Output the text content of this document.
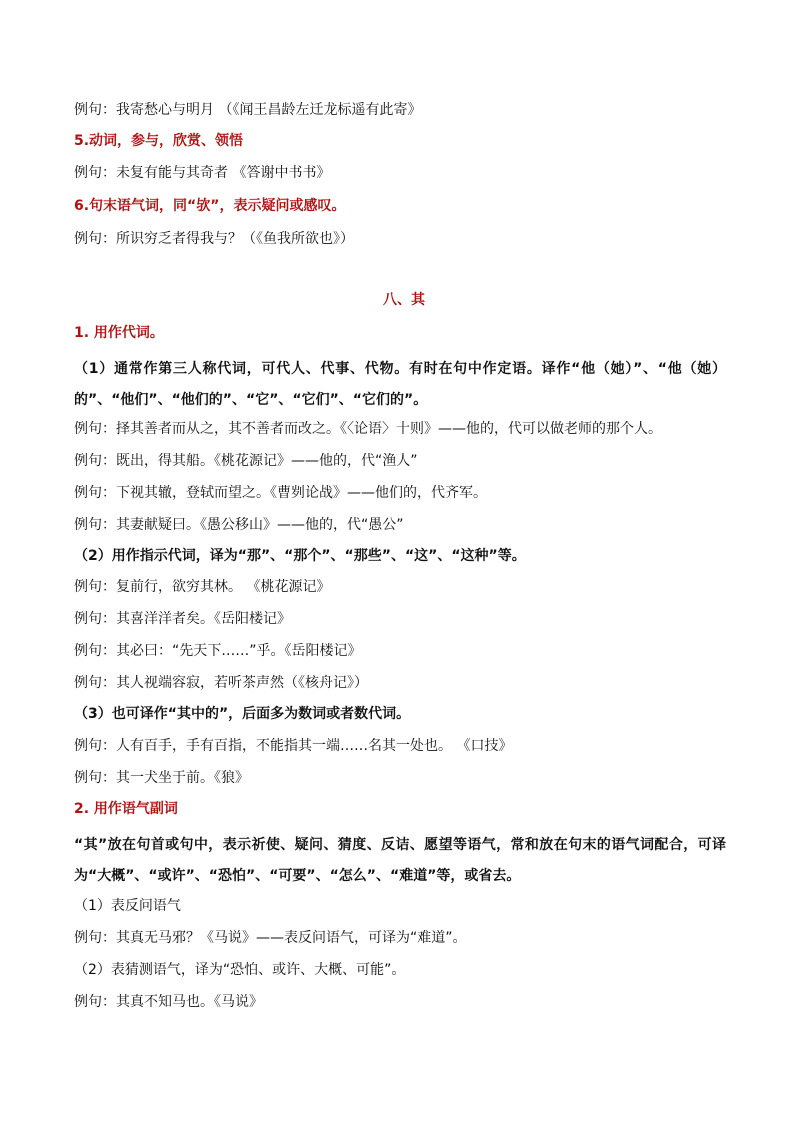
例句：我寄愁心与明月 （《闻王昌龄左迁龙标遥有此寄》

5.动词，参与，欣赏、领悟

例句：未复有能与其奇者 《答谢中书书》

6.句末语气词，同“欤”，表示疑问或感叹。

例句：所识穷乏者得我与？（《鱼我所欲也》）

八、其

1. 用作代词。

（1）通常作第三人称代词，可代人、代事、代物。有时在句中作定语。译作“他（她）”、“他（她）的”、“他们”、“他们的”、“它”、“它们”、“它们的”。

例句：择其善者而从之，其不善者而改之。《〈论语〉十则》——他的，代可以做老师的那个人。

例句：既出，得其船。《桃花源记》——他的，代“渔人”

例句：下视其辙，登轼而望之。《曹刿论战》——他们的，代齐军。

例句：其妻献疑曰。《愚公移山》——他的，代“愚公”

（2）用作指示代词，译为“那”、“那个”、“那些”、“这”、“这种”等。

例句：复前行，欲穷其林。 《桃花源记》

例句：其喜洋洋者矣。《岳阳楼记》

例句：其必曰：“先天下……”乎。《岳阳楼记》

例句：其人视端容寂，若听茶声然（《核舟记》）

（3）也可译作“其中的”，后面多为数词或者数代词。

例句：人有百手，手有百指，不能指其一端……名其一处也。 《口技》

例句：其一犬坐于前。《狼》

2. 用作语气副词

“其”放在句首或句中，表示祈使、疑问、猜度、反诘、愿望等语气，常和放在句末的语气词配合，可译为“大概”、“或许”、“恐怕”、“可要”、“怎么”、“难道”等，或省去。

（1）表反问语气

例句：其真无马邪？《马说》——表反问语气，可译为“难道”。

（2）表猜测语气，译为“恐怕、或许、大概、可能”。

例句：其真不知马也。《马说》
